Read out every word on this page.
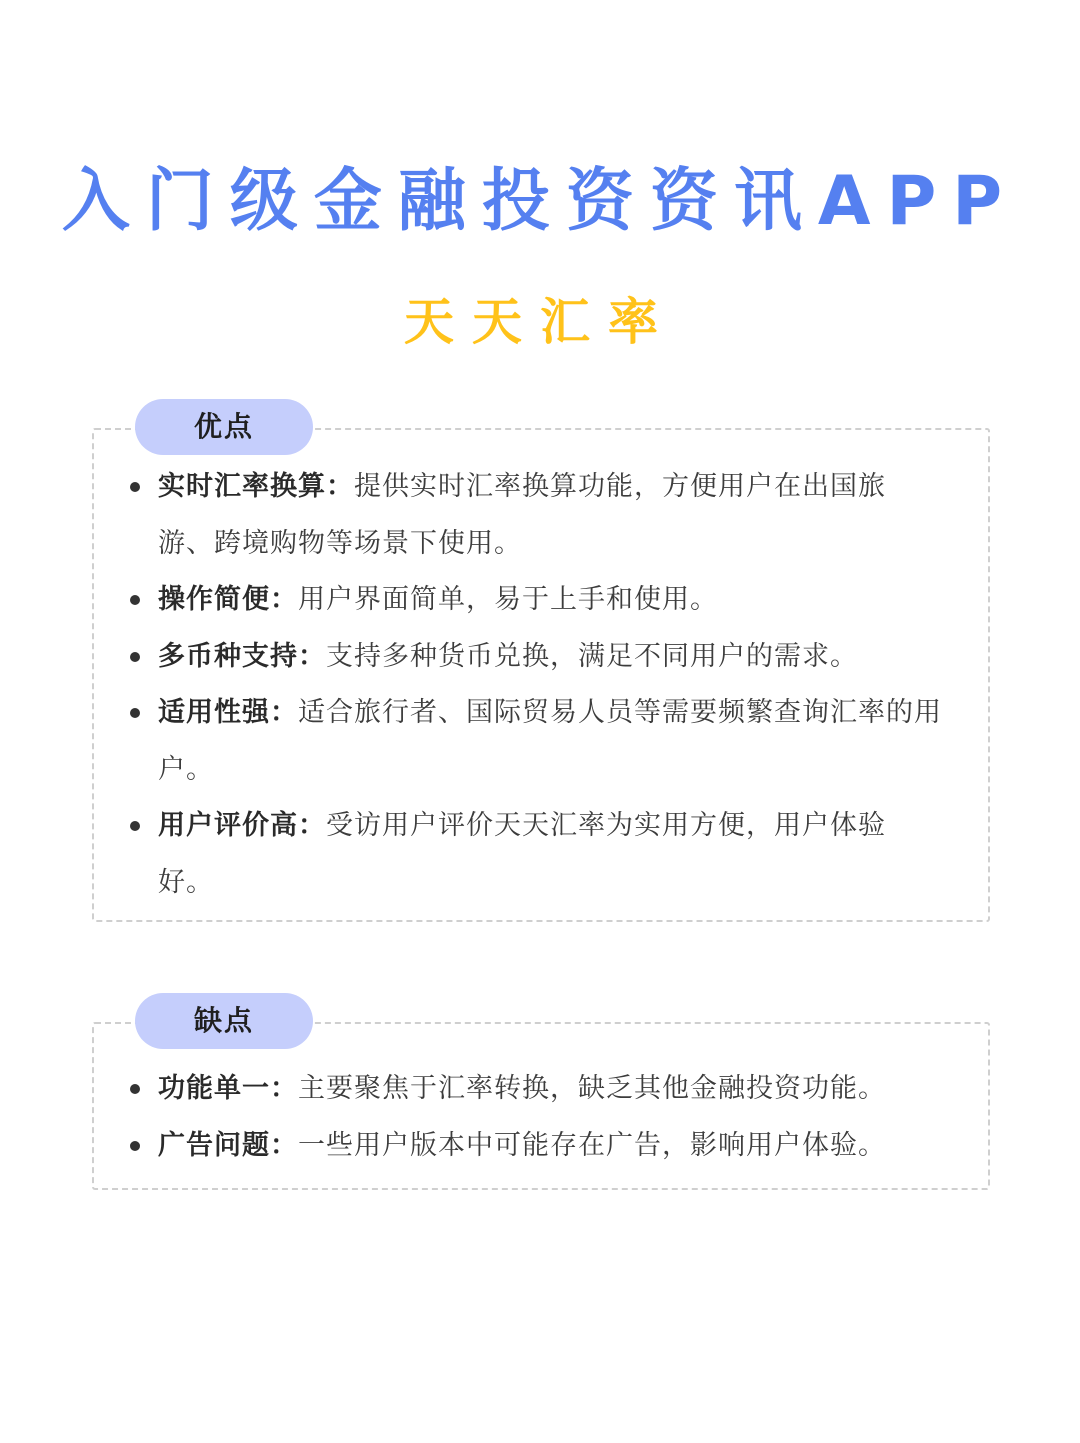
入门级金融投资资讯APP
天天汇率
优点
实时汇率换算：提供实时汇率换算功能，方便用户在出国旅游、跨境购物等场景下使用。
操作简便：用户界面简单，易于上手和使用。
多币种支持：支持多种货币兑换，满足不同用户的需求。
适用性强：适合旅行者、国际贸易人员等需要频繁查询汇率的用户。
用户评价高：受访用户评价天天汇率为实用方便，用户体验好。
缺点
功能单一：主要聚焦于汇率转换，缺乏其他金融投资功能。
广告问题：一些用户版本中可能存在广告，影响用户体验。
